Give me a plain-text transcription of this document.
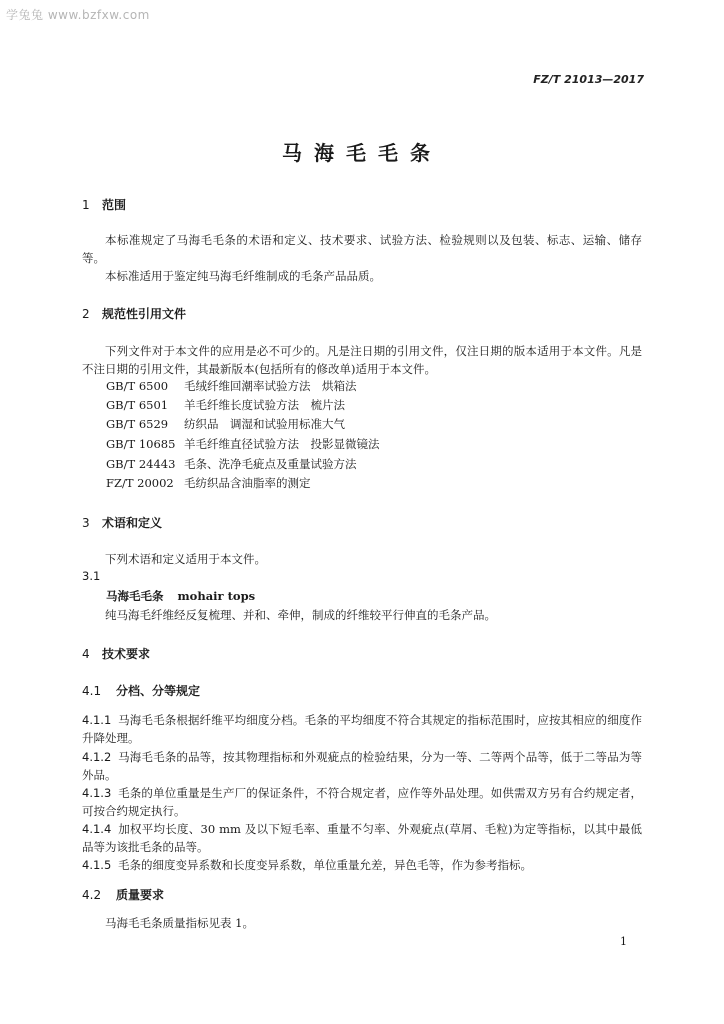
学兔兔 www.bzfxw.com
FZ/T 21013—2017
马海毛毛条
1 范围
本标准规定了马海毛毛条的术语和定义、技术要求、试验方法、检验规则以及包装、标志、运输、储存等。
本标准适用于鉴定纯马海毛纤维制成的毛条产品品质。
2 规范性引用文件
下列文件对于本文件的应用是必不可少的。凡是注日期的引用文件，仅注日期的版本适用于本文件。凡是不注日期的引用文件，其最新版本(包括所有的修改单)适用于本文件。
GB/T 6500 毛绒纤维回潮率试验方法　烘箱法
GB/T 6501 羊毛纤维长度试验方法　梳片法
GB/T 6529 纺织品　调湿和试验用标准大气
GB/T 10685 羊毛纤维直径试验方法　投影显微镜法
GB/T 24443 毛条、洗净毛疵点及重量试验方法
FZ/T 20002 毛纺织品含油脂率的测定
3 术语和定义
下列术语和定义适用于本文件。
3.1
马海毛毛条 mohair tops
纯马海毛纤维经反复梳理、并和、牵伸，制成的纤维较平行伸直的毛条产品。
4 技术要求
4.1 分档、分等规定
4.1.1 马海毛毛条根据纤维平均细度分档。毛条的平均细度不符合其规定的指标范围时，应按其相应的细度作升降处理。
4.1.2 马海毛毛条的品等，按其物理指标和外观疵点的检验结果，分为一等、二等两个品等，低于二等品为等外品。
4.1.3 毛条的单位重量是生产厂的保证条件，不符合规定者，应作等外品处理。如供需双方另有合约规定者，可按合约规定执行。
4.1.4 加权平均长度、30 mm 及以下短毛率、重量不匀率、外观疵点(草屑、毛粒)为定等指标，以其中最低品等为该批毛条的品等。
4.1.5 毛条的细度变异系数和长度变异系数，单位重量允差，异色毛等，作为参考指标。
4.2 质量要求
马海毛毛条质量指标见表 1。
1
